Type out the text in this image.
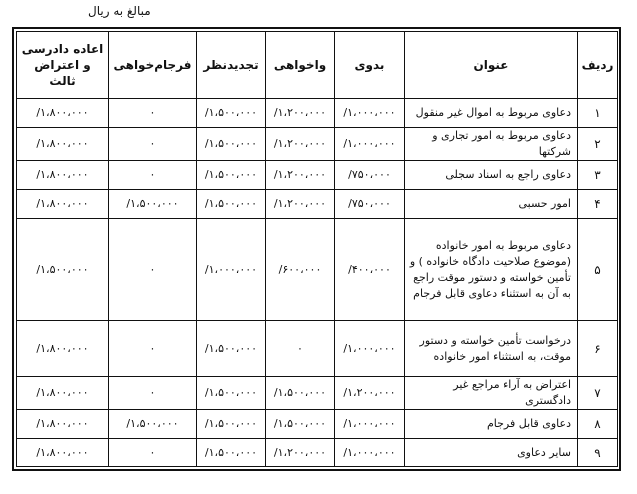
مبالغ به ریال
اعاده دادرسی
و اعتراض ثالث	فرجام‌خواهی	تجدیدنظر	واخواهی	بدوی	عنوان	ردیف
/۱،۸۰۰،۰۰۰	۰	/۱،۵۰۰،۰۰۰	/۱،۲۰۰،۰۰۰	/۱،۰۰۰،۰۰۰	دعاوی مربوط به اموال غیر منقول	۱
/۱،۸۰۰،۰۰۰	۰	/۱،۵۰۰،۰۰۰	/۱،۲۰۰،۰۰۰	/۱،۰۰۰،۰۰۰	دعاوی مربوط به امور تجاری و شرکتها	۲
/۱،۸۰۰،۰۰۰	۰	/۱،۵۰۰،۰۰۰	/۱،۲۰۰،۰۰۰	/۷۵۰،۰۰۰	دعاوی راجع به اسناد سجلی	۳
/۱،۸۰۰،۰۰۰	/۱،۵۰۰،۰۰۰	/۱،۵۰۰،۰۰۰	/۱،۲۰۰،۰۰۰	/۷۵۰،۰۰۰	امور حسبی	۴
/۱،۵۰۰،۰۰۰	۰	/۱،۰۰۰،۰۰۰	/۶۰۰،۰۰۰	/۴۰۰،۰۰۰	دعاوی مربوط به امور خانواده (موضوع صلاحیت دادگاه خانواده ) و تأمین خواسته و دستور موقت راجع به آن به استثناء دعاوی قابل فرجام	۵
/۱،۸۰۰،۰۰۰	۰	/۱،۵۰۰،۰۰۰	۰	/۱،۰۰۰،۰۰۰	درخواست تأمین خواسته و دستور موقت، به استثناء امور خانواده	۶
/۱،۸۰۰،۰۰۰	۰	/۱،۵۰۰،۰۰۰	/۱،۵۰۰،۰۰۰	/۱،۲۰۰،۰۰۰	اعتراض به آراء مراجع غیر دادگستری	۷
/۱،۸۰۰،۰۰۰	/۱،۵۰۰،۰۰۰	/۱،۵۰۰،۰۰۰	/۱،۵۰۰،۰۰۰	/۱،۰۰۰،۰۰۰	دعاوی قابل فرجام	۸
/۱،۸۰۰،۰۰۰	۰	/۱،۵۰۰،۰۰۰	/۱،۲۰۰،۰۰۰	/۱،۰۰۰،۰۰۰	سایر دعاوی	۹
